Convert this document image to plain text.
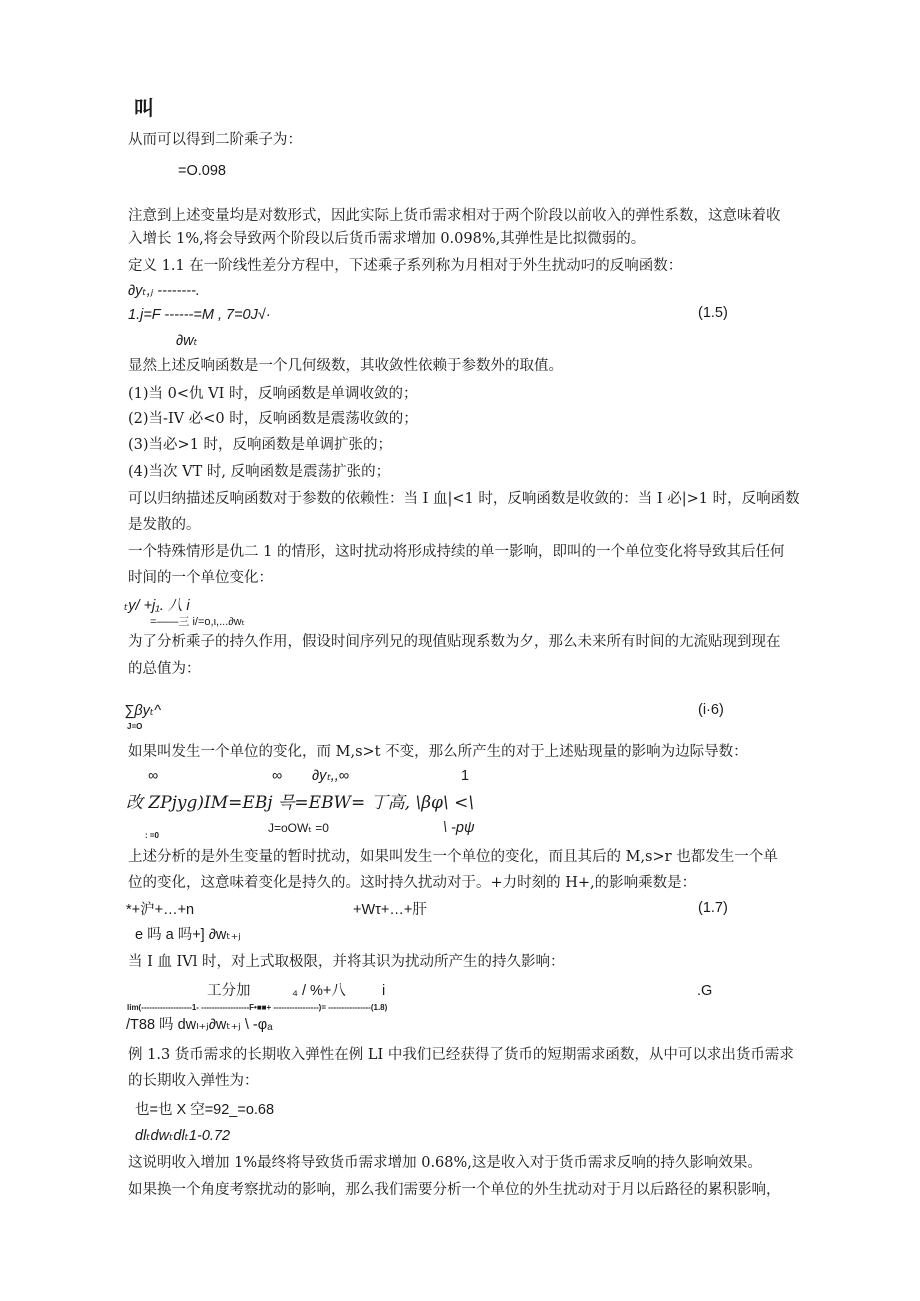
叫
从而可以得到二阶乘子为：
=O.098
注意到上述变量均是对数形式，因此实际上货币需求相对于两个阶段以前收入的弹性系数，这意味着收
入增长 1%,将会导致两个阶段以后货币需求增加 0.098%,其弹性是比拟微弱的。
定义 1.1 在一阶线性差分方程中，下述乘子系列称为月相对于外生扰动叼的反响函数：
∂yₜ,ⱼ --------.
1.j=F ------=M , 7=0J√·	(1.5)
∂wₜ
显然上述反响函数是一个几何级数，其收敛性依赖于参数外的取值。
(1)当 0<仇 VI 时，反响函数是单调收敛的；
(2)当-IV 必<0 时，反响函数是震荡收敛的；
(3)当必>1 时，反响函数是单调扩张的；
(4)当次 VT 时, 反响函数是震荡扩张的；
可以归纳描述反响函数对于参数的依赖性：当 I 血|<1 时，反响函数是收敛的：当 I 必|>1 时，反响函数
是发散的。
一个特殊情形是仇二 1 的情形，这时扰动将形成持续的单一影响，即叫的一个单位变化将导致其后任何
时间的一个单位变化：
ₜy/ +j₁. 八 i
=——三 i/=o,ι,...∂wₜ
为了分析乘子的持久作用，假设时间序列兄的现值贴现系数为夕，那么未来所有时间的尢流贴现到现在
的总值为：
∑βyₜ^	(i·6)
J=O
如果叫发生一个单位的变化，而 M,s>t 不变，那么所产生的对于上述贴现量的影响为边际导数：
∞	∞ ∂yₜ,,∞	1
改 ZPjyg)IM=EBj 믁=EBW= 丁高, \βφ\ <\
: =0
J=oOWₜ =0	\ -pψ
上述分析的是外生变量的暂时扰动，如果叫发生一个单位的变化，而且其后的 M,s>r 也都发生一个单
位的变化，这意味着变化是持久的。这时持久扰动对于。+力时刻的 H+,的影响乘数是：
*+沪+…+n	+Wτ+…+肝	(1.7)
e 吗 a 吗+] ∂wₜ₊ⱼ
当 I 血 IVl 时，对上式取极限，并将其识为扰动所产生的持久影响：
工分加	₄ / %+八 i	.G
lim(-------------------1- ------------------F•■■+ -----------------)= ----------------(1.8)
/T88 吗 dwₗ₊ⱼ∂wₜ₊ⱼ \ -φₐ
例 1.3 货币需求的长期收入弹性在例 LI 中我们已经获得了货币的短期需求函数，从中可以求出货币需求
的长期收入弹性为：
也=也 X 空=92_=o.68
dlₜdwₜdlₜ1-0.72
这说明收入增加 1%最终将导致货币需求增加 0.68%,这是收入对于货币需求反响的持久影响效果。
如果换一个角度考察扰动的影响，那么我们需要分析一个单位的外生扰动对于月以后路径的累积影响，
